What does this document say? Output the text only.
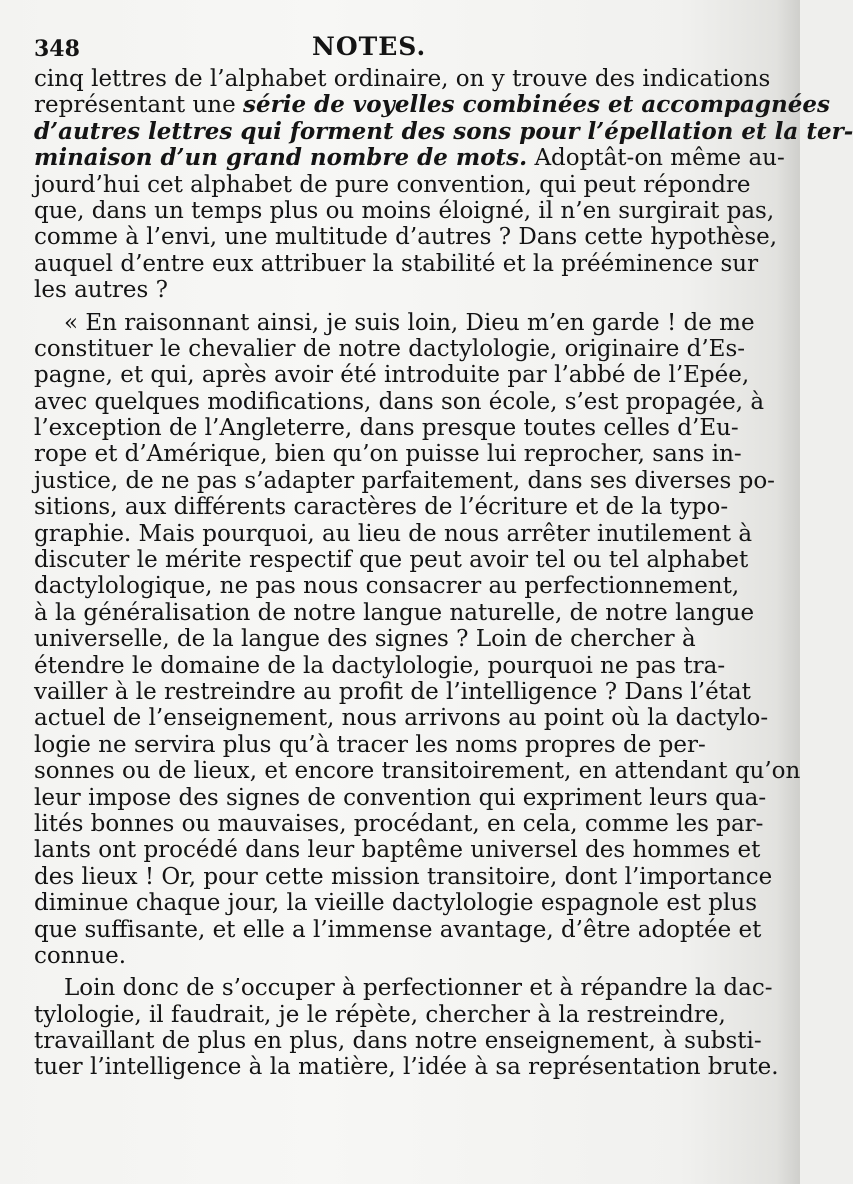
348	NOTES.
cinq lettres de l’alphabet ordinaire, on y trouve des indications
représentant une série de voyelles combinées et accompagnées
d’autres lettres qui forment des sons pour l’épellation et la ter-
minaison d’un grand nombre de mots. Adoptât-on même au-
jourd’hui cet alphabet de pure convention, qui peut répondre
que, dans un temps plus ou moins éloigné, il n’en surgirait pas,
comme à l’envi, une multitude d’autres ? Dans cette hypothèse,
auquel d’entre eux attribuer la stabilité et la prééminence sur
les autres ?
« En raisonnant ainsi, je suis loin, Dieu m’en garde ! de me
constituer le chevalier de notre dactylologie, originaire d’Es-
pagne, et qui, après avoir été introduite par l’abbé de l’Epée,
avec quelques modifications, dans son école, s’est propagée, à
l’exception de l’Angleterre, dans presque toutes celles d’Eu-
rope et d’Amérique, bien qu’on puisse lui reprocher, sans in-
justice, de ne pas s’adapter parfaitement, dans ses diverses po-
sitions, aux différents caractères de l’écriture et de la typo-
graphie. Mais pourquoi, au lieu de nous arrêter inutilement à
discuter le mérite respectif que peut avoir tel ou tel alphabet
dactylologique, ne pas nous consacrer au perfectionnement,
à la généralisation de notre langue naturelle, de notre langue
universelle, de la langue des signes ? Loin de chercher à
étendre le domaine de la dactylologie, pourquoi ne pas tra-
vailler à le restreindre au profit de l’intelligence ? Dans l’état
actuel de l’enseignement, nous arrivons au point où la dactylo-
logie ne servira plus qu’à tracer les noms propres de per-
sonnes ou de lieux, et encore transitoirement, en attendant qu’on
leur impose des signes de convention qui expriment leurs qua-
lités bonnes ou mauvaises, procédant, en cela, comme les par-
lants ont procédé dans leur baptême universel des hommes et
des lieux ! Or, pour cette mission transitoire, dont l’importance
diminue chaque jour, la vieille dactylologie espagnole est plus
que suffisante, et elle a l’immense avantage, d’être adoptée et
connue.
Loin donc de s’occuper à perfectionner et à répandre la dac-
tylologie, il faudrait, je le répète, chercher à la restreindre,
travaillant de plus en plus, dans notre enseignement, à substi-
tuer l’intelligence à la matière, l’idée à sa représentation brute.
